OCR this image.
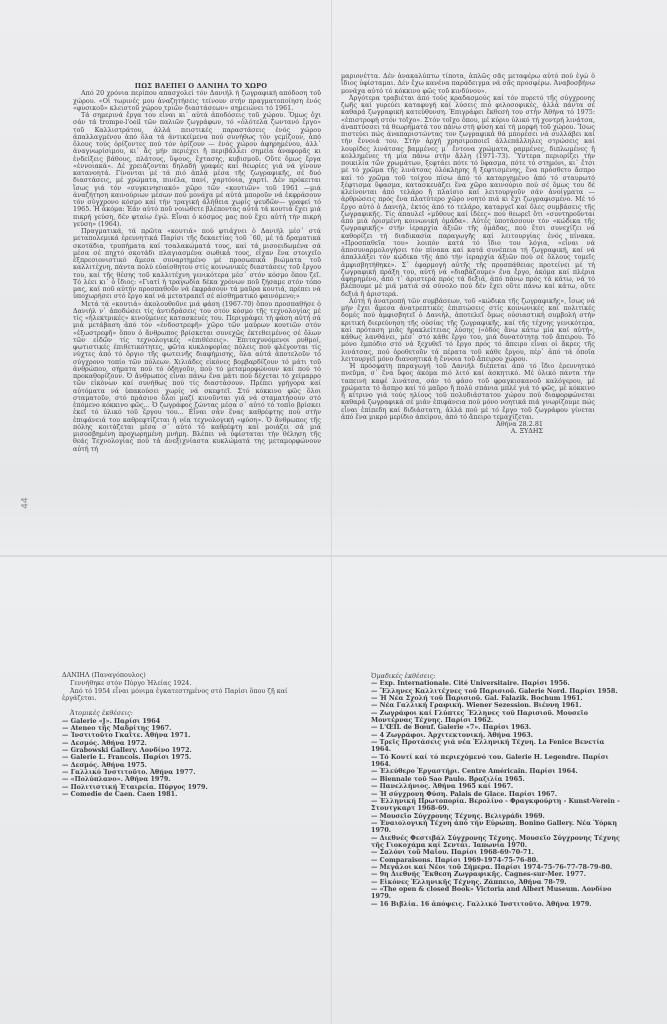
ΠΩΣ ΒΛΕΠΕΙ Ο ΔΑΝΙΗΛ ΤΟ ΧΩΡΟ

Από 20 χρόνια περίπου απασχολεί τόν Δανιήλ ή ζωγραφική απόδοση τοῦ χώρου. «Οἱ τωρινές μου ἀναζητήσεις τείνουν στήν πραγματοποίηση ἑνός «φυσικοῦ» κλειστοῦ χώρου τριῶν διαστάσεων» σημειώνει τό 1961.

Τά σημερινά ἔργα του εἶναι κι᾿ αὐτά ἀποδόσεις τοῦ χώρου. Ὅμως ὄχι σάν τά trompe-l'oeil τῶν παλιῶν ζωγράφων, τό «ὀλότελα ζωντανό ἔργο» τοῦ Καλλιστράτου, ἀλλά πειστικές παραστάσεις ἑνός χώρου ἀπαλλαγμένου ἀπό ὅλα τά ἀντικείμενα πού συνήθως τόν γεμίζουν, ἀπό ὅλους τούς ὁρίζοντες πού τόν ὁρίζουν — ἑνός χώρου ἀφηρημένου, ἀλλ᾿ ἀναγνωρίσιμου, κι᾿ ἄς μήν περιέχει ἤ περιβάλλει σημεία ἀναφορᾶς κι ἐνδείξεις βάθους, πλάτους, ὕψους, ἔχτασης, κυβισμοῦ. Οὔτε ὅμως ἔργα «ἐννοιακά». Δέ χρειάζονται δηλαδή γραφές καί θεωρίες γιά νά γίνουν κατανοητά. Γίνονται μέ τά πιό ἁπλά μέσα τῆς ζωγραφικῆς, σέ δυό διαστάσεις, μέ χρώματα, πινέλα, πανί, χαρτόνια, χαρτί. Δέν πρόκειται ἴσως γιά τόν «συγκινησιακό» χῶρο τῶν «κουτιῶν» τοῦ 1961 —μιά ἀναζήτηση καινούριων μέσων πού μονάχα μέ αὐτά μποροῦν νά ἐκφράσουν τόν σύγχρονο κόσμο καί τήν τραγική ἀλήθεια χωρίς ψευδῶν— γραφεί τό 1965. Ἡ ἀκόμα: Ἐάν αὐτό ποῦ νοιώθετε βλέποντας αὐτά τά κουτιά ἔχει μιά πικρή γεύση, δέν φταίω ἐγώ. Εἶναι ὁ κόσμος μας πού ἔχει αὐτή τήν πικρή γεύση» (1964).

Πραγματικά, τά πρῶτα «κουτιά» πού φτιάχνει ὁ Δανιήλ μέσ᾿ στά μεταπολεμικά ἐρευνητικά Παρίσι τῆς δεκαετίας τοῦ ᾿60, μέ τά δραματικά σκοτάδια, τρυπήματα καί τσαλακώματά τους, καί τά μισοειδωμένα σά μέσα σέ πηχτό σκοτάδι πλαγιασμένα σωθικά τους, εἶχαν ἕνα στοιχεῖο ἐξπρεσιονιστικό ἄμεσα συναρτημένο μέ προσωπικά βιώματα τοῦ καλλιτέχνη, πάντα πολύ εὐαίσθητου στίς κοινωνικές διαστάσεις τοῦ ἔργου του, καί τῆς θέσης τοῦ καλλιτέχνη γενικότερα μέσ᾿ στόν κόσμο ὅπου ζεῖ. Τό λέει κι᾿ ὁ ἴδιος: «Γιατί ἡ τραγωδία δέκα χρόνων ποῦ ζήσαμε στόν τόπο μας, καί ποῦ αὐτήν προσπαθοῦν νά ἐκφράσουν τά μαῦρα κουτιά, πρέπει νά ὑποχωρήσει στό ἔργο καί νά μετατραπεῖ σέ αἰσθηματικό φαινόμενο;»

Μετά τά «κουτιά» ἀκολουθοῦνε μιά φάση (1967-70) ὅπου προσπαθήσε ὁ Δανιήλ ν᾿ ἀποδώσει τίς ἀντιδράσεις του στόν κόσμο τῆς τεχνολογίας μέ τίς «ἠλεκτρικές» κινούμενες κατασκευές του. Περιγράφει τή φάση αὐτή σά μιά μετάβαση ἀπό τόν «ἐνδοστρεφῆ» χῶρο τῶν μαύρων κουτιῶν στόν «ἐξωστρεφῆ» ὅπου ὁ ἄνθρωπος βρίσκεται συνεχῶς ἐκτεθειμένος σέ ὅλων τῶν εἰδῶν τίς τεχνολογικές «ἐπιθέσεις». Ἐπιταχυνόμενοι ρυθμοί, φωτιστικές ἐπιθετικότητες, φῶτα κυκλοφορίας πόλεις πού φλέγονται τίς νύχτες ἀπό τό ὄργιο τῆς φωτεινῆς διαφήμισης, ὅλα αὐτά ἀποτελοῦν τό σύγχρονο τοπίο τῶν πόλεων. Χιλιάδες εἰκόνες βομβαρδίζουν τό μάτι τοῦ ἀνθρώπου, σήματα πού τό ὁδηγοῦν, πού τό μεταμορφώνουν καί πού τό προκαθορίζουν. Ὁ ἄνθρωπος εἶναι πάνω ἕνα μάτι πού δέχεται τό χείμαρρο τῶν εἰκόνων καί συνήθως πού τίς διαστάσουν. Πρέπει γρήγορα καί αὐτόματα νά ὑπακούσει χωρίς νά σκεφτεῖ. Στό κόκκινο φῶς ὅλοι σταματοῦν, στό πράσινο ὅλοι μαζί κινοῦνται γιά νά σταματήσουν στό ἑπόμενο κόκκινο φῶς... Ὁ ζωγράφος ζώντας μέσα σ᾿ αὐτό τό τοπίο βρίσκει ἐκεῖ τό ὑλικό τοῦ ἔργου του... Εἶναι σάν ἕνας καθρέφτης πού στήν ἐπιφάνειά του καθρεφτίζεται ἡ νέα τεχνολογική «φύση». Ὁ ἄνθρωπος τῆς πόλης κοιτάζεται μέσα σ᾿ αὐτό τό καθρέφτη καί μοιάζει σά μιά μισοσβημένη προχωρημένη μνήμη. Βλέπει νά ὑφίσταται τήν θέληση τῆς θεάς Τεχνολογίας πού τά ἀνεξιχνίαστα κυκλώματά της μεταμορφώνουν αὐτή τή

μαριονέττα. Δέν ἀνακαλύπτω τίποτα, ἁπλῶς σᾶς μεταφέρω αὐτό πού ἐγώ ὁ ἴδιος ὑφίσταμαι. Δέν ἔχω κανένα παράδειγμα νά σᾶς προσφέρω. Ἀναβοσβήνω μονάχα αὐτό τό κόκκινο φῶς τοῦ κινδύνου».

Ἀργότερα τραβιέται ἀπό τούς κραδασμούς καί τόν πυρετό τῆς σύγχρονης ζωῆς καί γυρεύει καταφυγή καί λύσεις πιό φιλοσοφικές, ἀλλά πάντα σέ καθαρά ζωγραφική κατεύθυνση. Ἐπιγράφει ἔκθεσή του στήν Ἀθήνα τό 1975: «ἐπιστροφή στόν τοῖχο». Στόν τοῖχο ὅπου, μέ κύριο ὑλικό τή χοντρή λινάτσα, ἀναπτύσσει τά θεωρήματά του πάνω στή φύση καί τή μορφή τοῦ χώρου. Ἴσως πιστεύει πώς ἀναπαριστώντας τον ζωγραφικά θά μπορέσει νά συλλάβει καί τήν ἔννοιά του. Στήν ἀρχή χρησιμοποιεῖ ἀλλεπάλληλες στρώσεις καί λουρίδες λινάτσας βαμμένες μ᾿ ἔντονα χρώματα, ραμμένες, διπλωμένες ἤ κολλημένες τή μία πάνω στήν ἄλλη (1971-73). Ὕστερα περιορίζει τήν ποικιλία τῶν χρωμάτων, ξεφτάει πότε τό ὕφασμα, πότε τό στημόνι, κι᾿ ἔτσι μέ τό χρῶμα τῆς λινάτσας ὁλόκληρης ἤ ξεφτισμένης, ἕνα πρόσθετο ἄσπρο καί τό χρῶμα τοῦ τοίχου πίσω ἀπό τό καταργημένο ἀπό τό σταυρωτό ξέφτισμα ὕφασμα, κατασκευάζει ἕνα χῶρο καινούριο πού σέ ὅμως του δέ κλείνονται ἀπό τελάρο ἤ πλαίσιο καί λειτουργοῦν σάν ἀνοίγματα — ἀρθρώσεις πρός ἕνα πλατύτερο χῶρο νοητό πιά κι ἔχι ζωγραφισμένο. Μέ τό ἔργο αὐτό ὁ Δανιήλ, ἐκτός ἀπό τό τελάρο, καταργεῖ καί ὅλες συμβάσεις τῆς ζωγραφικῆς. Τίς ἀπαυλεῖ «μῦθους καί ἰδέες» πού θεωρεῖ ὅτι «συντηροῦνται ἀπό μιά ὁρισμένη κοινωνική ὁμάδα». Αὐτές ὑποτάσσουν τόν «κώδικα τῆς ζωγραφικῆς» στήν ἱεραρχία ἀξιῶν τῆς ὁμάδας, πού ἔτσι συνεχίζει νά καθορίζει τή διαδικασία παραγωγῆς καί λειτουργίας ἑνός πίνακα. «Προσπαθεῖα του» λοιπόν κατά τό ἴδιο του λόγια, «εἶναι νά ἀποσυναρμολογήσει τόν πίνακα καί κατά συνέπεια τή ζωγραφική, καί νά ἀπαλλάξει τόν κώδικα τῆς ἀπό τήν ἱεραρχία ἀξιῶν πού σέ ὅλλους τομεῖς ἀμφισβητήθηκε». Σ᾿ ἐφαρμογή αὐτῆς τῆς προσπάθειας προτείνει μέ τή ζωγραφική πράξη του, αὐτή νά «διαβάζουμε» ἕνα ἔργο, ἀκόμα καί πλέρια ἀφηρημένο, ἀπό τ᾿ ἀριστερά πρός τά δεξιά, ἀπό πάνω πρός τά κάτω, νά τό βλέπουμε μέ μιά ματιά σά σύνολο πού δέν ἔχει οὔτε πάνω καί κάτω, οὔτε δεξιά ἤ ἀριστερά.

Αὐτή ἡ ἀνατροπή τῶν συμβάσεων, τοῦ «κώδικα τῆς ζωγραφικῆς», ἴσως νά μήν ἔχει ἄμεσα ἀνατρεπτικές ἐπιπτώσεις στίς κοινωνικές καί πολιτικές δομές πού ἀμφισβητεῖ ὁ Δανιήλ, ἀποτελεῖ ὅμως οὐσιαστική συμβολή στήν κριτική διερεύνηση τῆς οὐσίας τῆς ζωγραφικῆς, καί τῆς τέχνης γενικότερα, καί πρόταση μιᾶς ἡρακλείτειας λύσης («ὁδός ἄνω κάτω μία καί αὐτή», κάθως λανθάνει, μέσ᾿ στό κάθε ἔργο του, μιά δυνατότητα τοῦ ἄπειρου. Τό μόνο ἐμπόδιο στό νά ξεχυθεῖ τό ἔργο πρός τό ἄπειρο εἶναι οἱ ἄκρες τῆς λινάτσας, πού ὁροθετοῦν τά πέρατα τοῦ κάθε ἔργου, πέρ᾿ ἀπό τά ὁποῖα λειτουργεῖ μόνο διανοητικά ἡ ἔννοια τοῦ ἄπειρου χώρου.

Ἡ πρόσφατη παραγωγή τοῦ Δανιήλ διέπεται ἀπό τό ἴδιο ἐρευνητικό πνεῦμα, σ᾿ ἕνα ὕφος ἀκόμα πιό λιτό καί ἀσκητικό. Μέ ὑλικό πάντα τήν ταπεινή καφέ λινάτσα, σάν τό φάσο τοῦ φραγκισκανοῦ καλόγερου, μέ χρώματα τό ἄσπρο καί τό μαῦρο ἤ πολύ σπάνια μπλέ γιά τό φῶς, μέ κόκκινο ἤ κίτρινο γιά τούς ηλίους τοῦ πολυδιάστατου χώρου πού διαφορφώνεται καθαρά ζωγραφικά σέ μιάν ἐπιφάνεια πού μόνο νοητικά πιά γνωρίζουμε πώς εἶναι ἐπίπεδη καί διδιάστατη, ἀλλά πού μέ τό ἔργο τοῦ ζωγράφου γίνεται ἀπό ἕνα μικρό μερίδιο ἀπείρου, ἀπό τό ἄπειρο τεμαχίζεται.

Ἀθήνα 28.2.81

Α. ΞΥΔΗΣ

44

ΔΑΝΙΗΛ (Παναγόπουλος)

Γεννήθηκε στόν Πύργο Ἠλείας 1924.

Ἀπό τό 1954 εἶναι μόνιμα ἐγκατεστημένος στό Παρίσι ὅπου ζῆ καί ἐργάζεται.

Ἀτομικές ἐκθέσεις:

— Galerie «J». Παρίσι 1964
— Ateneo τῆς Μαδρίτης 1967.
— Ἰνστιτοῦτο Γκαῖτε. Ἀθήνα 1971.
— Δεσμός. Ἀθήνα 1972.
— Grabowski Gallery. Λονδίνο 1972.
— Galerie L. Francois. Παρίσι 1975.
— Δεσμός. Ἀθήνα 1975.
— Γαλλικό Ἰνστιτοῦτο. Ἀθήνα 1977.
— «Πολύπλανο». Ἀθήνα 1979.
— Πολιτιστική Ἑταιρεία. Πύργος 1979.
— Comedie de Caen. Caen 1981.

Ὁμαδικές ἐκθέσεις:

— Exp. Internationale. Cité Universitaire. Παρίσι 1956.
— Ἕλληνες Καλλιτέχνες τοῦ Παρισιοῦ. Galerie Nord. Παρίσι 1958.
— Ἡ Νέα Σχολή τοῦ Παρισιοῦ. Gal. Falazik. Bochum 1961.
— Νέα Γαλλική Γραφική. Wiener Sezession. Βιέννη 1961.
— Ζωγράφοι καί Γλύπτες Ἕλληνες τοῦ Παρισιοῦ. Μουσεῖο Μοντέρνας Τέχνης. Παρίσι 1962.
— L'ŒIL de Bœuf. Galerie «7». Παρίσι 1963.
— 4 Ζωγράφοι. Ἀρχιτεκτονική. Ἀθήνα 1963.
— Τρεῖς Προτάσεις γιά νέα Ἑλληνική Τέχνη. La Fenice Βενετία 1964.
— Τό Κουτί καί τό περιεχόμενό του. Galerie H. Legendre. Παρίσι 1964.
— Ἐλεύθερο Ἐργαστήρι. Centre Américain. Παρίσι 1964.
— Biennale τοῦ Sao Paulo. Βραζιλία 1965.
— Πανελλήνιος. Ἀθήνα 1965 καί 1967.
— Ἡ σύγχρονη Φύση. Palais de Glace. Παρίσι 1967.
— Ἑλληνική Πρωτοπορία. Βερολίνο - Φραγκφούρτη - Kunst-Verein - Στουτγκαρτ 1968-69.
— Μουσεῖο Σύγχρονης Τέχνης. Βελιγράδι 1969.
— Ἐναιολογική Τέχνη ἀπό τήν Εὐρώπη. Bonino Gallery. Νέα Ὑόρκη 1970.
— Διεθνές Φεστιβάλ Σύγχρονης Τέχνης. Μουσεῖο Σύγχρονης Τέχνης τῆς Γιοκοχάμα καί Σεντάι. Ἰαπωνία 1970.
— Σαλόνι τοῦ Μαΐου. Παρίσι 1968-69-70-71.
— Comparaisons. Παρίσι 1969-1974-75-76-80.
— Μεγάλοι καί Νέοι τοῦ Σήμερα. Παρίσι 1974-75-76-77-78-79-80.
— 9η Διεθνής Ἔκθεση Ζωγραφικῆς. Cagnes-sur-Mer. 1977.
— Εἰκόνες Ἑλληνικῆς Τέχνης. Ζάππειο, Ἀθήνα 78-79.
— «The open & closed Book» Victoria and Albert Museum. Λονδίνο 1979.
— 16 Βιβλία. 16 ἀπόψεις. Γαλλικό Ἰνστιτοῦτο. Ἀθήνα 1979.
